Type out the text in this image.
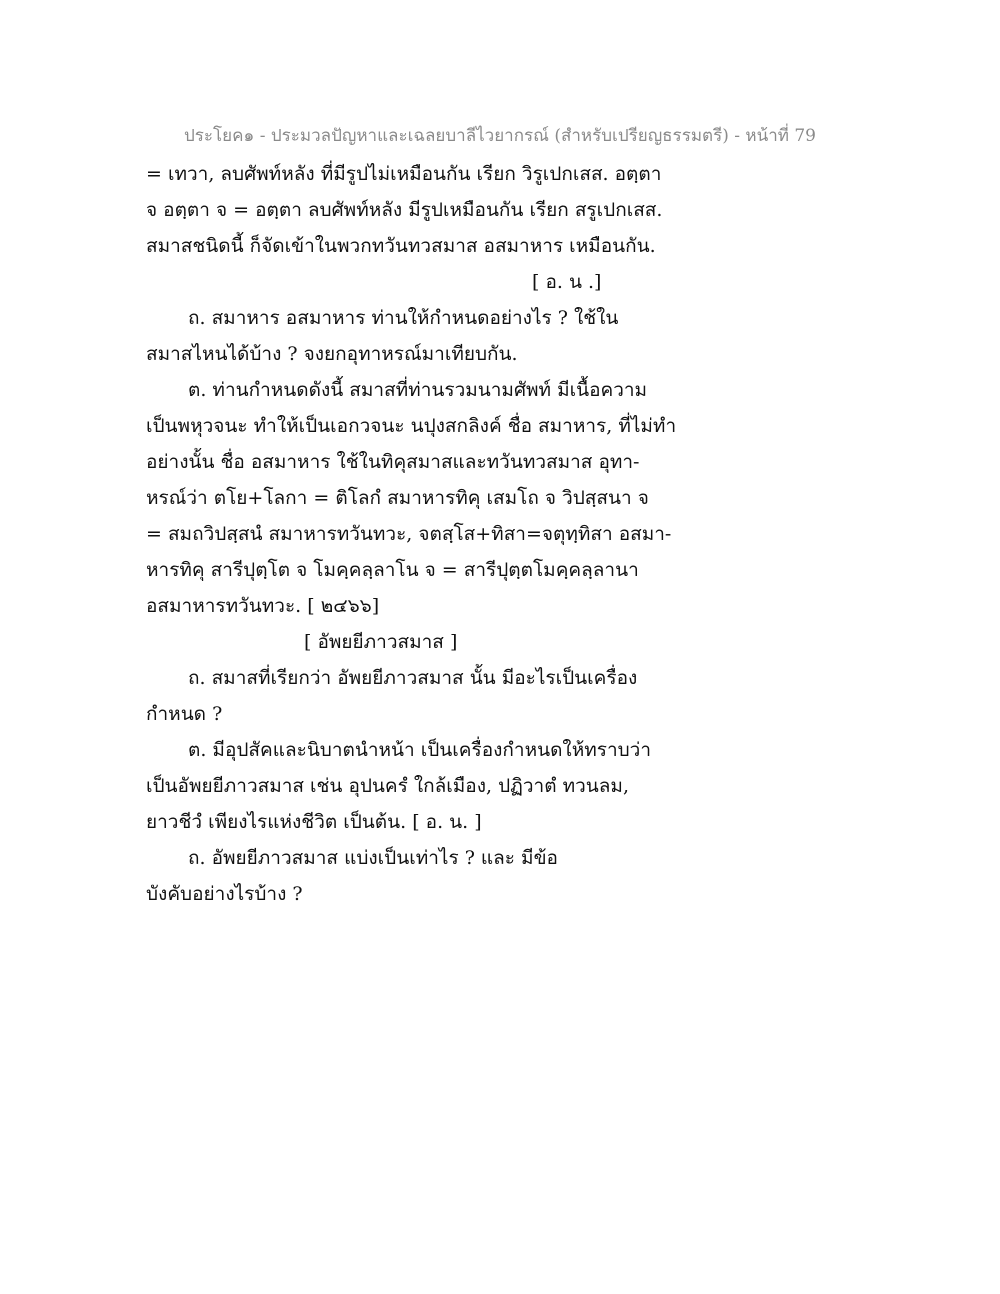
ประโยค๑ - ประมวลปัญหาและเฉลยบาลีไวยากรณ์ (สำหรับเปรียญธรรมตรี) - หน้าที่ 79
= เทวา, ลบศัพท์หลัง ที่มีรูปไม่เหมือนกัน เรียก วิรูเปกเสส. อตฺตา
จ อตฺตา จ = อตฺตา ลบศัพท์หลัง มีรูปเหมือนกัน เรียก สรูเปกเสส.
สมาสชนิดนี้ ก็จัดเข้าในพวกทวันทวสมาส อสมาหาร เหมือนกัน.
[ อ. น .]
ถ. สมาหาร อสมาหาร ท่านให้กำหนดอย่างไร ? ใช้ใน
สมาสไหนได้บ้าง ? จงยกอุทาหรณ์มาเทียบกัน.
ต. ท่านกำหนดดังนี้ สมาสที่ท่านรวมนามศัพท์ มีเนื้อความ
เป็นพหุวจนะ ทำให้เป็นเอกวจนะ นปุงสกลิงค์ ชื่อ สมาหาร, ที่ไม่ทำ
อย่างนั้น ชื่อ อสมาหาร ใช้ในทิคุสมาสและทวันทวสมาส อุทา-
หรณ์ว่า ตโย+โลกา = ติโลกํ สมาหารทิคุ เสมโถ จ วิปสฺสนา จ
= สมถวิปสฺสนํ สมาหารทวันทวะ, จตสฺโส+ทิสา=จตุทฺทิสา อสมา-
หารทิคุ สารีปุตฺโต จ โมคฺคลฺลาโน จ = สารีปุตฺตโมคฺคลฺลานา
อสมาหารทวันทวะ. [ ๒๔๖๖]
[ อัพยยีภาวสมาส ]
ถ. สมาสที่เรียกว่า อัพยยีภาวสมาส นั้น มีอะไรเป็นเครื่อง
กำหนด ?
ต. มีอุปสัคและนิบาตนำหน้า เป็นเครื่องกำหนดให้ทราบว่า
เป็นอัพยยีภาวสมาส เช่น อุปนครํ ใกล้เมือง, ปฏิวาตํ ทวนลม,
ยาวชีวํ เพียงไรแห่งชีวิต เป็นต้น. [ อ. น. ]
ถ. อัพยยีภาวสมาส แบ่งเป็นเท่าไร ? และ มีข้อ
บังคับอย่างไรบ้าง ?
